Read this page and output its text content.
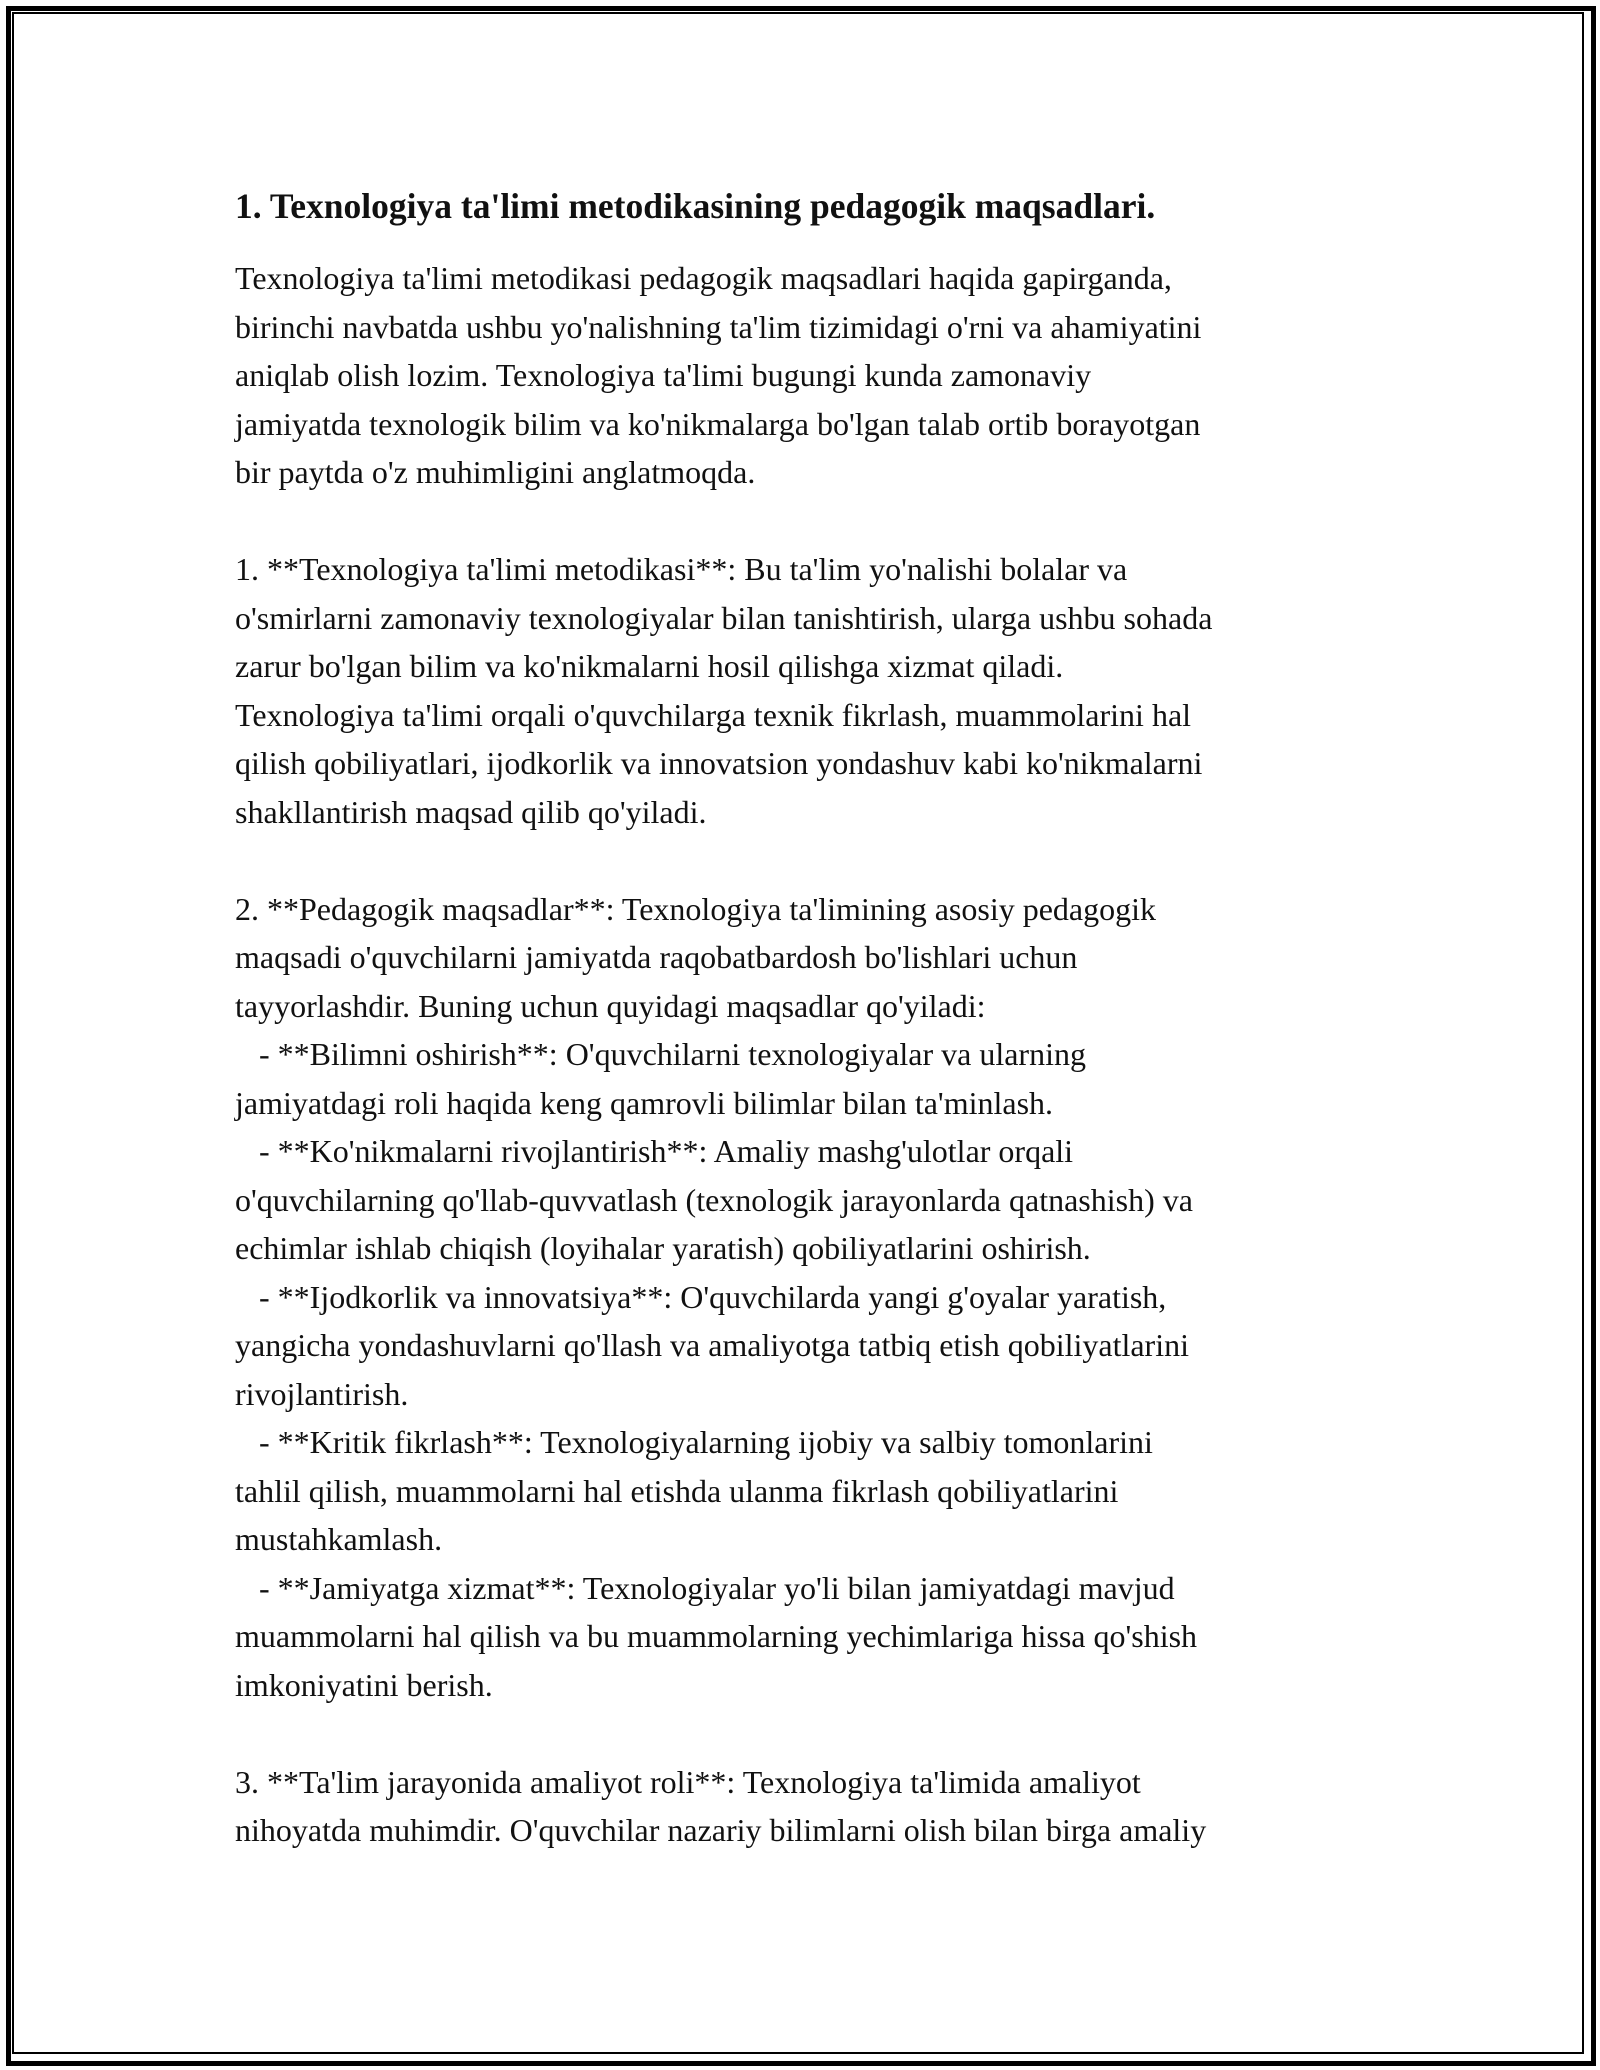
1. Texnologiya ta'limi metodikasining pedagogik maqsadlari.

Texnologiya ta'limi metodikasi pedagogik maqsadlari haqida gapirganda,
birinchi navbatda ushbu yo'nalishning ta'lim tizimidagi o'rni va ahamiyatini
aniqlab olish lozim. Texnologiya ta'limi bugungi kunda zamonaviy
jamiyatda texnologik bilim va ko'nikmalarga bo'lgan talab ortib borayotgan
bir paytda o'z muhimligini anglatmoqda.

1. **Texnologiya ta'limi metodikasi**: Bu ta'lim yo'nalishi bolalar va
o'smirlarni zamonaviy texnologiyalar bilan tanishtirish, ularga ushbu sohada
zarur bo'lgan bilim va ko'nikmalarni hosil qilishga xizmat qiladi.
Texnologiya ta'limi orqali o'quvchilarga texnik fikrlash, muammolarini hal
qilish qobiliyatlari, ijodkorlik va innovatsion yondashuv kabi ko'nikmalarni
shakllantirish maqsad qilib qo'yiladi.

2. **Pedagogik maqsadlar**: Texnologiya ta'limining asosiy pedagogik
maqsadi o'quvchilarni jamiyatda raqobatbardosh bo'lishlari uchun
tayyorlashdir. Buning uchun quyidagi maqsadlar qo'yiladi:
- **Bilimni oshirish**: O'quvchilarni texnologiyalar va ularning
jamiyatdagi roli haqida keng qamrovli bilimlar bilan ta'minlash.
- **Ko'nikmalarni rivojlantirish**: Amaliy mashg'ulotlar orqali
o'quvchilarning qo'llab-quvvatlash (texnologik jarayonlarda qatnashish) va
echimlar ishlab chiqish (loyihalar yaratish) qobiliyatlarini oshirish.
- **Ijodkorlik va innovatsiya**: O'quvchilarda yangi g'oyalar yaratish,
yangicha yondashuvlarni qo'llash va amaliyotga tatbiq etish qobiliyatlarini
rivojlantirish.
- **Kritik fikrlash**: Texnologiyalarning ijobiy va salbiy tomonlarini
tahlil qilish, muammolarni hal etishda ulanma fikrlash qobiliyatlarini
mustahkamlash.
- **Jamiyatga xizmat**: Texnologiyalar yo'li bilan jamiyatdagi mavjud
muammolarni hal qilish va bu muammolarning yechimlariga hissa qo'shish
imkoniyatini berish.

3. **Ta'lim jarayonida amaliyot roli**: Texnologiya ta'limida amaliyot
nihoyatda muhimdir. O'quvchilar nazariy bilimlarni olish bilan birga amaliy
